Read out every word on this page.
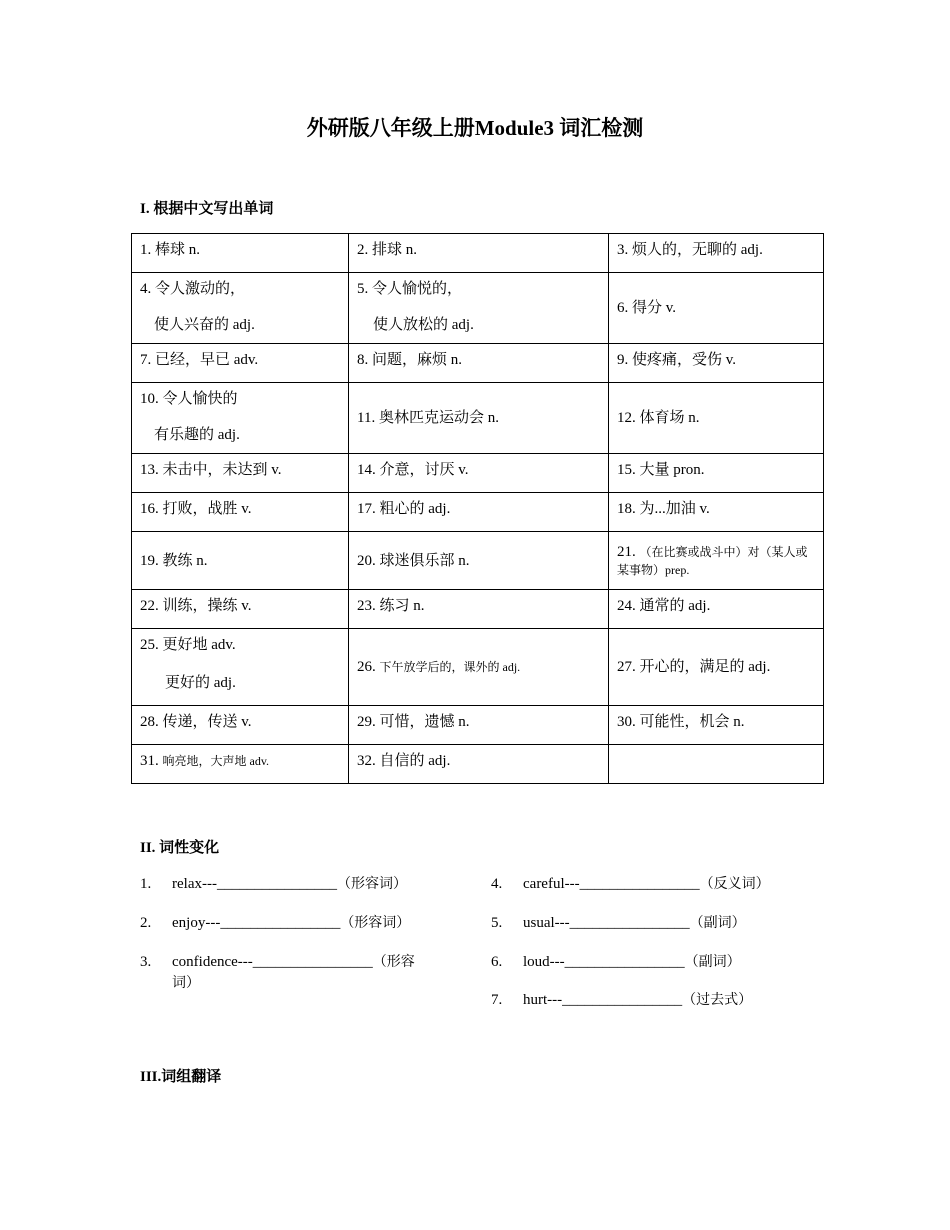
外研版八年级上册Module3 词汇检测
I. 根据中文写出单词
1. 棒球 n.	2. 排球 n.	3. 烦人的，无聊的 adj.
4. 令人激动的，
使人兴奋的 adj.	5. 令人愉悦的，
使人放松的 adj.	6. 得分 v.
7. 已经，早已 adv.	8. 问题，麻烦 n.	9. 使疼痛，受伤 v.
10. 令人愉快的
有乐趣的 adj.	11. 奥林匹克运动会 n.	12. 体育场 n.
13. 未击中，未达到 v.	14. 介意，讨厌 v.	15. 大量 pron.
16. 打败，战胜 v.	17. 粗心的 adj.	18. 为...加油 v.
19. 教练 n.	20. 球迷俱乐部 n.	21. （在比赛或战斗中）对（某人或某事物）prep.
22. 训练，操练 v.	23. 练习 n.	24. 通常的 adj.
25. 更好地 adv.
更好的 adj.	26. 下午放学后的，课外的 adj.	27. 开心的，满足的 adj.
28. 传递，传送 v.	29. 可惜，遗憾 n.	30. 可能性，机会 n.
31. 响亮地，大声地 adv.	32. 自信的 adj.	
II. 词性变化
1. relax---________________（形容词）
2. enjoy---________________（形容词）
3. confidence---________________（形容
词）
4. careful---________________（反义词）
5. usual---________________（副词）
6. loud---________________（副词）
7. hurt---________________（过去式）
III.词组翻译
